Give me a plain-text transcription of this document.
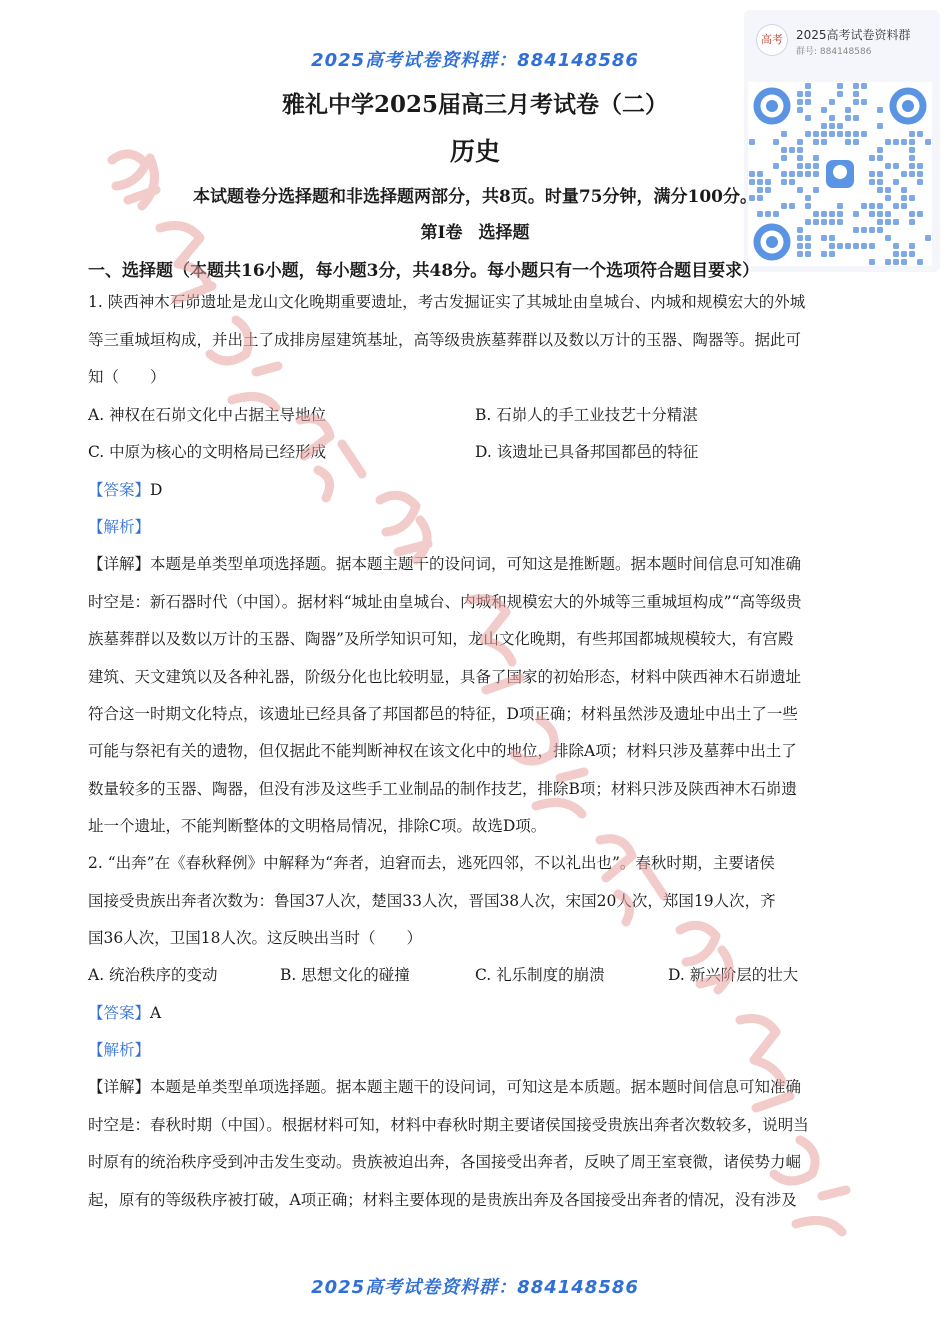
2025高考试卷资料群：884148586
高考	2025高考试卷资料群
群号: 884148586
雅礼中学2025届高三月考试卷（二）
历史
本试题卷分选择题和非选择题两部分，共8页。时量75分钟，满分100分。
第Ⅰ卷 选择题
一、选择题（本题共16小题，每小题3分，共48分。每小题只有一个选项符合题目要求）
1. 陕西神木石峁遗址是龙山文化晚期重要遗址，考古发掘证实了其城址由皇城台、内城和规模宏大的外城
等三重城垣构成，并出土了成排房屋建筑基址，高等级贵族墓葬群以及数以万计的玉器、陶器等。据此可
知（　　）
A. 神权在石峁文化中占据主导地位	B. 石峁人的手工业技艺十分精湛
C. 中原为核心的文明格局已经形成	D. 该遗址已具备邦国都邑的特征
【答案】D
【解析】
【详解】本题是单类型单项选择题。据本题主题干的设问词，可知这是推断题。据本题时间信息可知准确
时空是：新石器时代（中国）。据材料“城址由皇城台、内城和规模宏大的外城等三重城垣构成”“高等级贵
族墓葬群以及数以万计的玉器、陶器”及所学知识可知，龙山文化晚期，有些邦国都城规模较大，有宫殿
建筑、天文建筑以及各种礼器，阶级分化也比较明显，具备了国家的初始形态，材料中陕西神木石峁遗址
符合这一时期文化特点，该遗址已经具备了邦国都邑的特征，D项正确；材料虽然涉及遗址中出土了一些
可能与祭祀有关的遗物，但仅据此不能判断神权在该文化中的地位，排除A项；材料只涉及墓葬中出土了
数量较多的玉器、陶器，但没有涉及这些手工业制品的制作技艺，排除B项；材料只涉及陕西神木石峁遗
址一个遗址，不能判断整体的文明格局情况，排除C项。故选D项。
2. “出奔”在《春秋释例》中解释为“奔者，迫窘而去，逃死四邻，不以礼出也”。春秋时期，主要诸侯
国接受贵族出奔者次数为：鲁国37人次，楚国33人次，晋国38人次，宋国20人次，郑国19人次，齐
国36人次，卫国18人次。这反映出当时（　　）
A. 统治秩序的变动	B. 思想文化的碰撞	C. 礼乐制度的崩溃	D. 新兴阶层的壮大
【答案】A
【解析】
【详解】本题是单类型单项选择题。据本题主题干的设问词，可知这是本质题。据本题时间信息可知准确
时空是：春秋时期（中国）。根据材料可知，材料中春秋时期主要诸侯国接受贵族出奔者次数较多，说明当
时原有的统治秩序受到冲击发生变动。贵族被迫出奔，各国接受出奔者，反映了周王室衰微，诸侯势力崛
起，原有的等级秩序被打破，A项正确；材料主要体现的是贵族出奔及各国接受出奔者的情况，没有涉及
2025高考试卷资料群：884148586
